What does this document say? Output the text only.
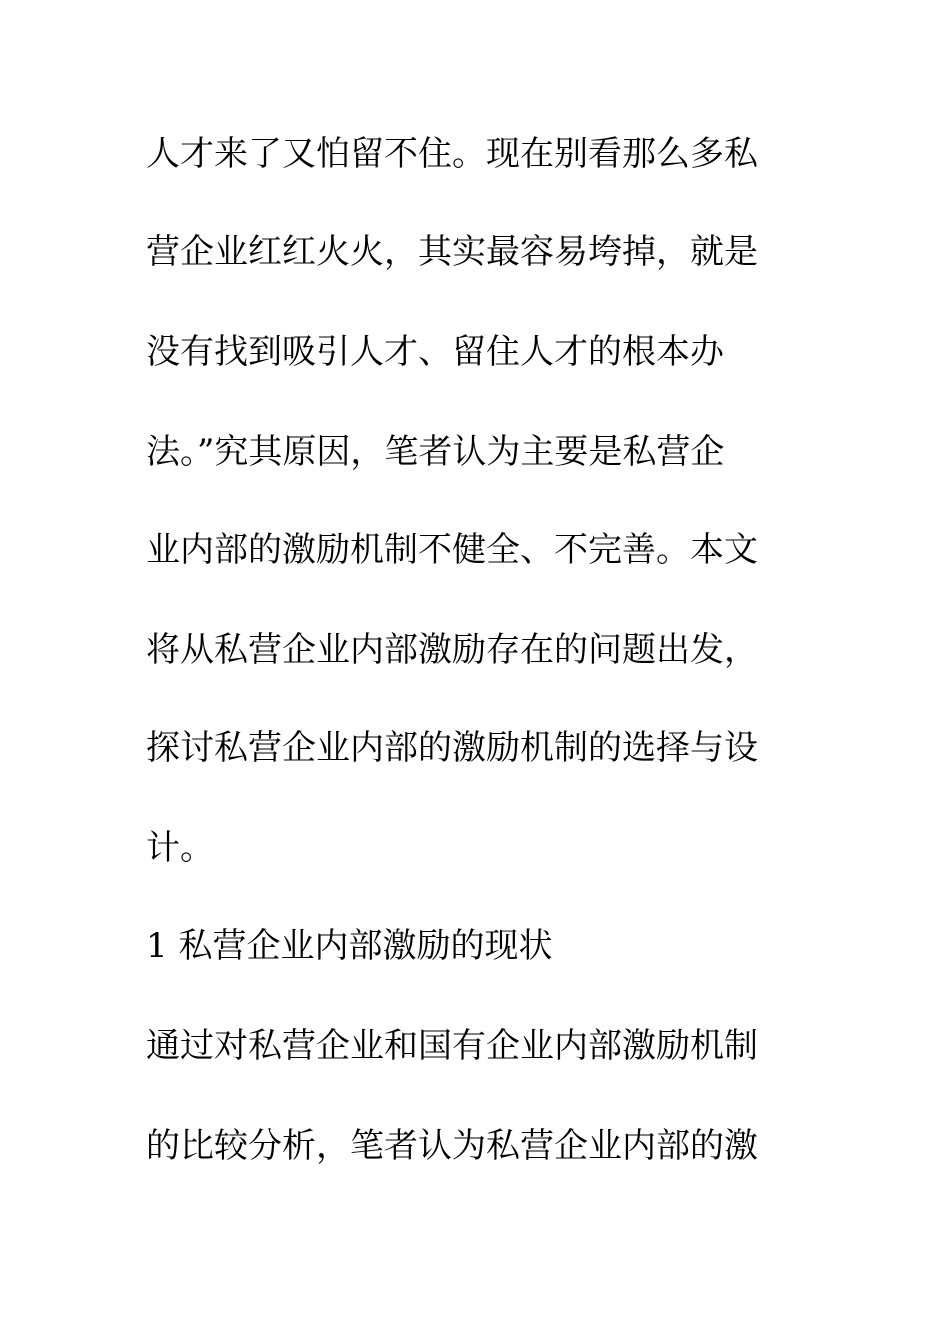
人才来了又怕留不住。现在别看那么多私
营企业红红火火，其实最容易垮掉，就是
没有找到吸引人才、留住人才的根本办
法。”究其原因，笔者认为主要是私营企
业内部的激励机制不健全、不完善。本文
将从私营企业内部激励存在的问题出发，
探讨私营企业内部的激励机制的选择与设
计。
1 私营企业内部激励的现状
通过对私营企业和国有企业内部激励机制
的比较分析，笔者认为私营企业内部的激
